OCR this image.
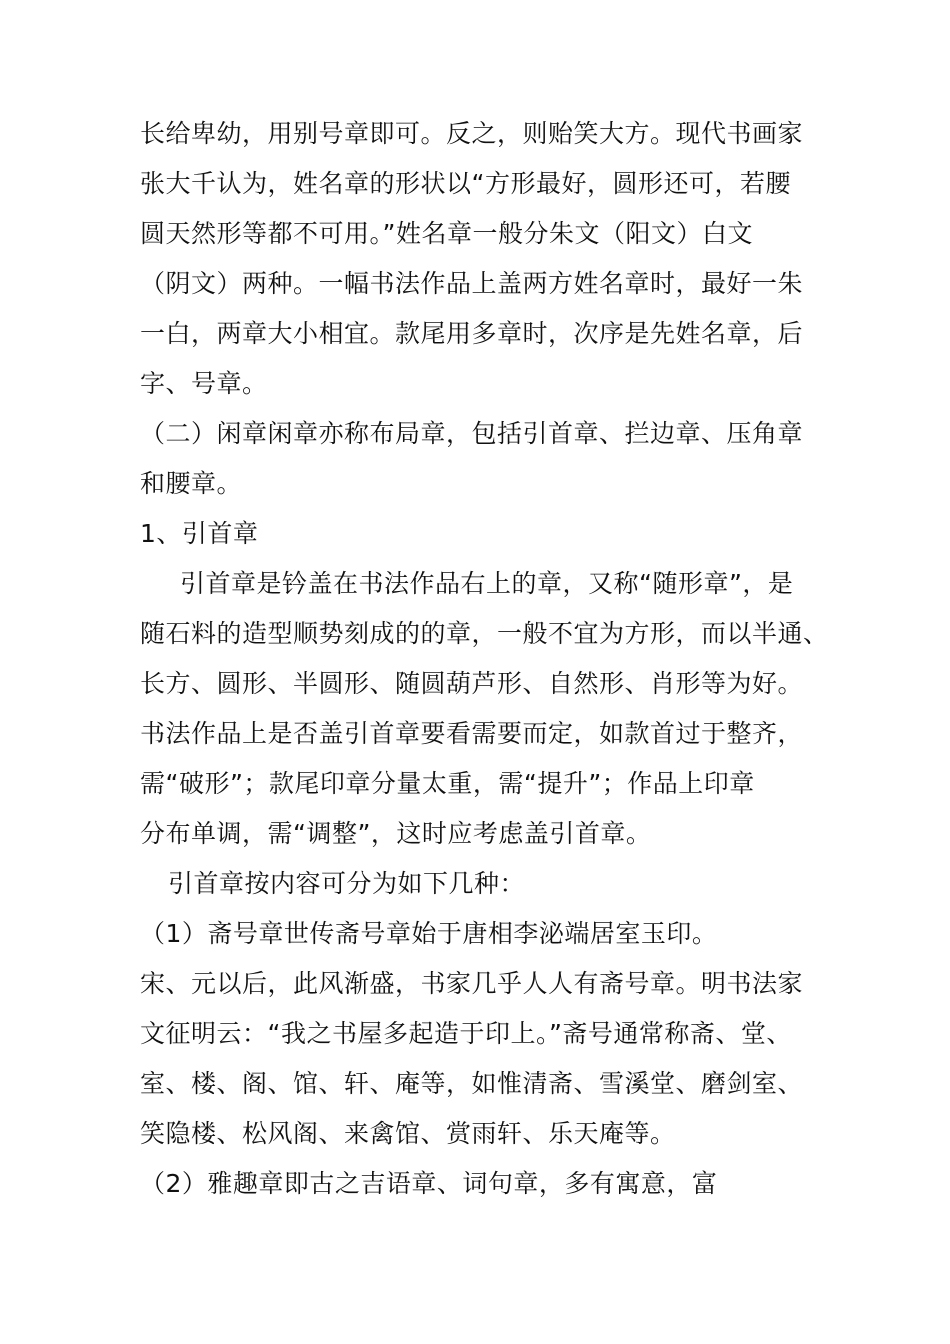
长给卑幼，用别号章即可。反之，则贻笑大方。现代书画家
张大千认为，姓名章的形状以“方形最好，圆形还可，若腰
圆天然形等都不可用。”姓名章一般分朱文（阳文）白文
（阴文）两种。一幅书法作品上盖两方姓名章时，最好一朱
一白，两章大小相宜。款尾用多章时，次序是先姓名章，后
字、号章。
（二）闲章闲章亦称布局章，包括引首章、拦边章、压角章
和腰章。
1、引首章
引首章是钤盖在书法作品右上的章，又称“随形章”，是
随石料的造型顺势刻成的的章，一般不宜为方形，而以半通、
长方、圆形、半圆形、随圆葫芦形、自然形、肖形等为好。
书法作品上是否盖引首章要看需要而定，如款首过于整齐，
需“破形”；款尾印章分量太重，需“提升”；作品上印章
分布单调，需“调整”，这时应考虑盖引首章。
引首章按内容可分为如下几种：
（1）斋号章世传斋号章始于唐相李泌端居室玉印。
宋、元以后，此风渐盛，书家几乎人人有斋号章。明书法家
文征明云：“我之书屋多起造于印上。”斋号通常称斋、堂、
室、楼、阁、馆、轩、庵等，如惟清斋、雪溪堂、磨剑室、
笑隐楼、松风阁、来禽馆、赏雨轩、乐天庵等。
（2）雅趣章即古之吉语章、词句章，多有寓意，富
